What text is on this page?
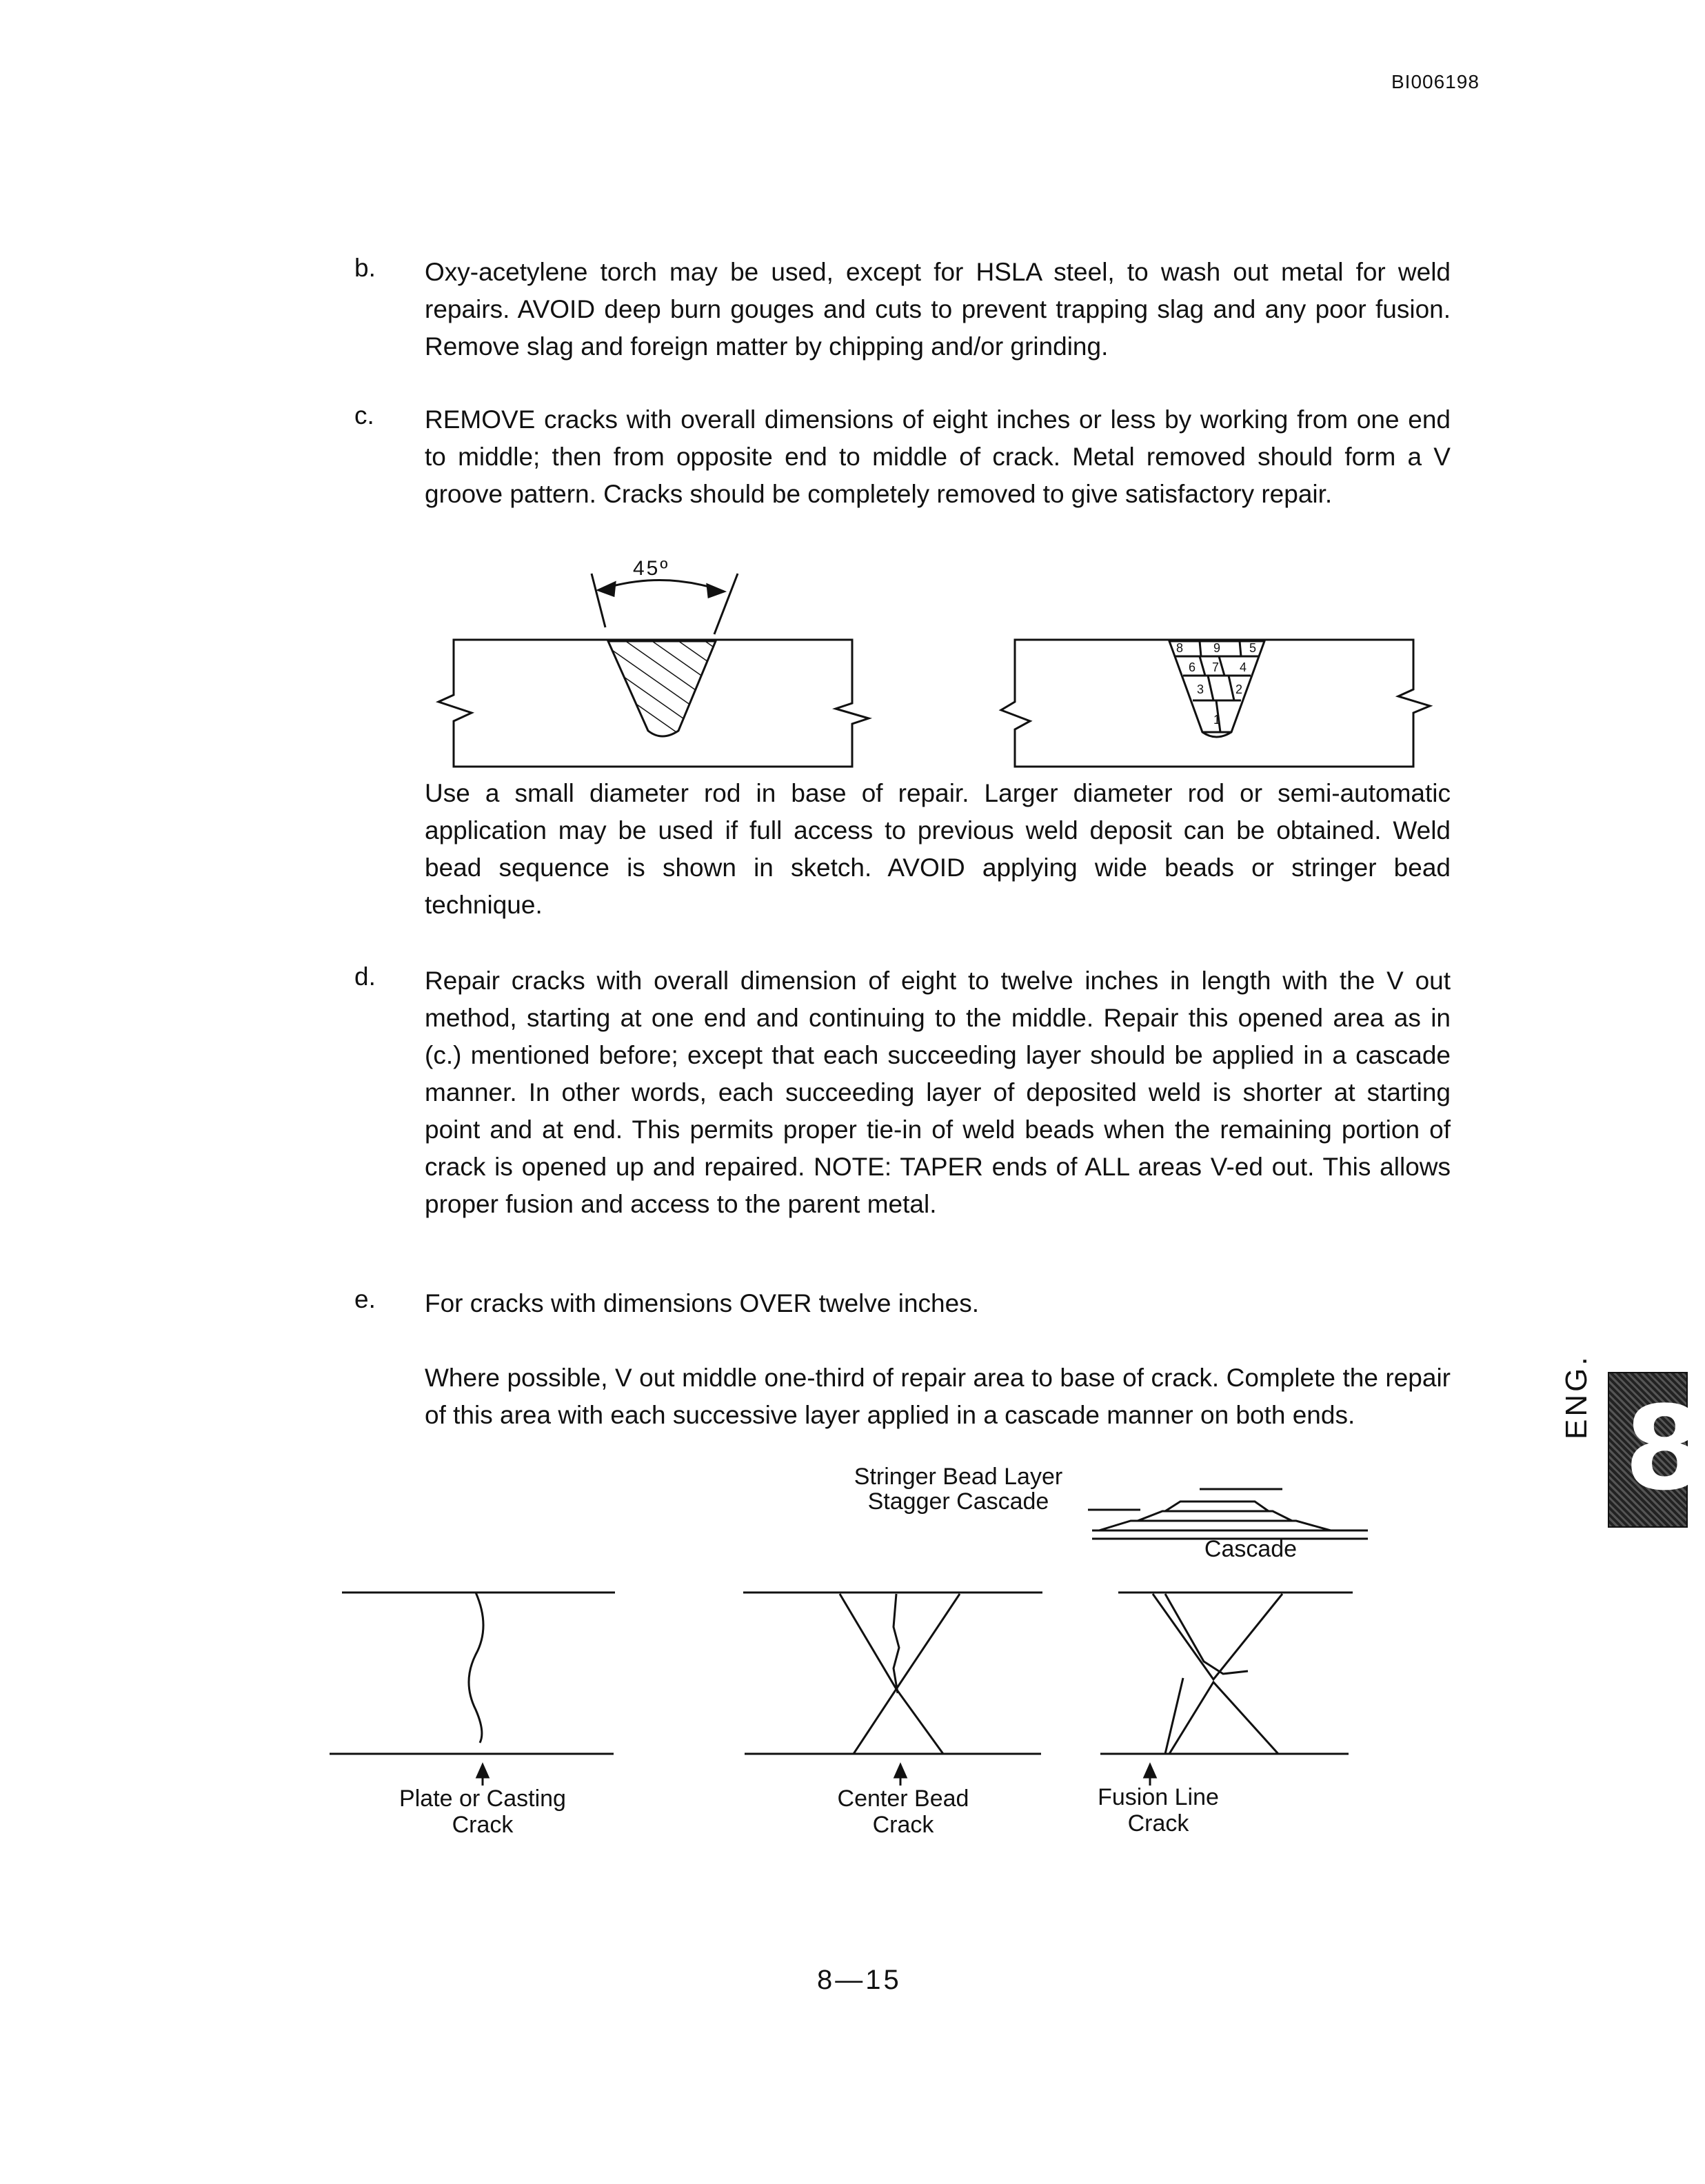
BI006198
b. Oxy-acetylene torch may be used, except for HSLA steel, to wash out metal for weld repairs. AVOID deep burn gouges and cuts to prevent trapping slag and any poor fusion. Remove slag and foreign matter by chipping and/or grinding.
c. REMOVE cracks with overall dimensions of eight inches or less by working from one end to middle; then from opposite end to middle of crack. Metal removed should form a V groove pattern. Cracks should be completely removed to give satisfactory repair.
1
2
3
4
5
6 7
8 9
45º
Use a small diameter rod in base of repair. Larger diameter rod or semi-automatic application may be used if full access to previous weld deposit can be obtained. Weld bead sequence is shown in sketch. AVOID applying wide beads or stringer bead technique.
d. Repair cracks with overall dimension of eight to twelve inches in length with the V out method, starting at one end and continuing to the middle. Repair this opened area as in (c.) mentioned before; except that each succeeding layer should be applied in a cascade manner. In other words, each succeeding layer of deposited weld is shorter at starting point and at end. This permits proper tie-in of weld beads when the remaining portion of crack is opened up and repaired. NOTE: TAPER ends of ALL areas V-ed out. This allows proper fusion and access to the parent metal.
e. For cracks with dimensions OVER twelve inches.
Where possible, V out middle one-third of repair area to base of crack. Complete the repair of this area with each successive layer applied in a cascade manner on both ends.
Stringer Bead Layer
Stagger Cascade
Cascade
Plate or Casting
Crack
Center Bead
Crack
Fusion Line
Crack
8—15
ENG. 8
